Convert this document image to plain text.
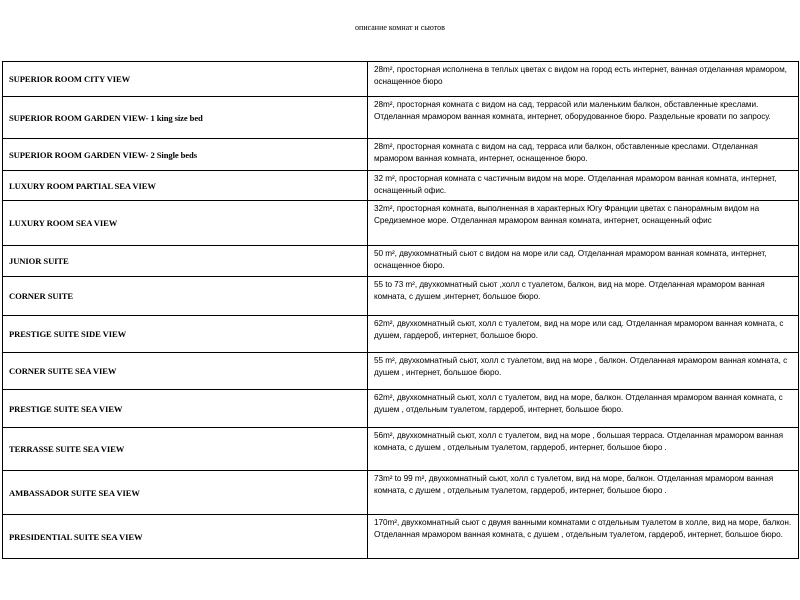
описание комнат и сьютов
SUPERIOR ROOM CITY VIEW	28m², просторная исполнена в теплых цветах с видом на город есть интернет, ванная отделанная мрамором, оснащенное бюро
SUPERIOR ROOM GARDEN VIEW- 1 king size bed	28m², просторная комната с видом на сад, террасой или маленьким балкон, обставленные креслами. Отделанная мрамором ванная комната, интернет, оборудованное бюро. Раздельные кровати по запросу.
SUPERIOR ROOM GARDEN VIEW- 2 Single beds	28m², просторная комната с видом на сад, терраса или балкон, обставленные креслами. Отделанная мрамором ванная комната, интернет, оснащенное бюро.
LUXURY ROOM PARTIAL SEA VIEW	32 m², просторная комната с частичным видом на море. Отделанная мрамором ванная комната, интернет, оснащенный офис.
LUXURY ROOM SEA VIEW	32m², просторная комната, выполненная в характерных Югу Франции цветах с панорамным видом на Средиземное море. Отделанная мрамором ванная комната, интернет, оснащенный офис
JUNIOR SUITE	50 m², двухкомнатный сьют с видом на море или сад. Отделанная мрамором ванная комната, интернет, оснащенное бюро.
CORNER SUITE	55 to 73 m², двухкомнатный сьют ,холл с туалетом, балкон, вид на море. Отделанная мрамором ванная комната, с душем ,интернет, большое бюро.
PRESTIGE SUITE SIDE VIEW	62m², двухкомнатный сьют, холл с туалетом, вид на море или сад. Отделанная мрамором ванная комната, с душем, гардероб, интернет, большое бюро.
CORNER SUITE SEA VIEW	55 m², двухкомнатный сьют, холл с туалетом, вид на море , балкон. Отделанная мрамором ванная комната, с душем , интернет, большое бюро.
PRESTIGE SUITE SEA VIEW	62m², двухкомнатный сьют, холл с туалетом, вид на море, балкон. Отделанная мрамором ванная комната, с душем , отдельным туалетом, гардероб, интернет, большое бюро.
TERRASSE SUITE SEA VIEW	56m², двухкомнатный сьют, холл с туалетом, вид на море , большая терраса. Отделанная мрамором ванная комната, с душем , отдельным туалетом, гардероб, интернет, большое бюро .
AMBASSADOR SUITE SEA VIEW	73m² to 99 m², двухкомнатный сьют, холл с туалетом, вид на море, балкон. Отделанная мрамором ванная комната, с душем , отдельным туалетом, гардероб, интернет, большое бюро .
PRESIDENTIAL SUITE SEA VIEW	170m², двухкомнатный сьют с двумя ванными комнатами с отдельным туалетом в холле, вид на море, балкон. Отделанная мрамором ванная комната, с душем , отдельным туалетом, гардероб, интернет, большое бюро.
